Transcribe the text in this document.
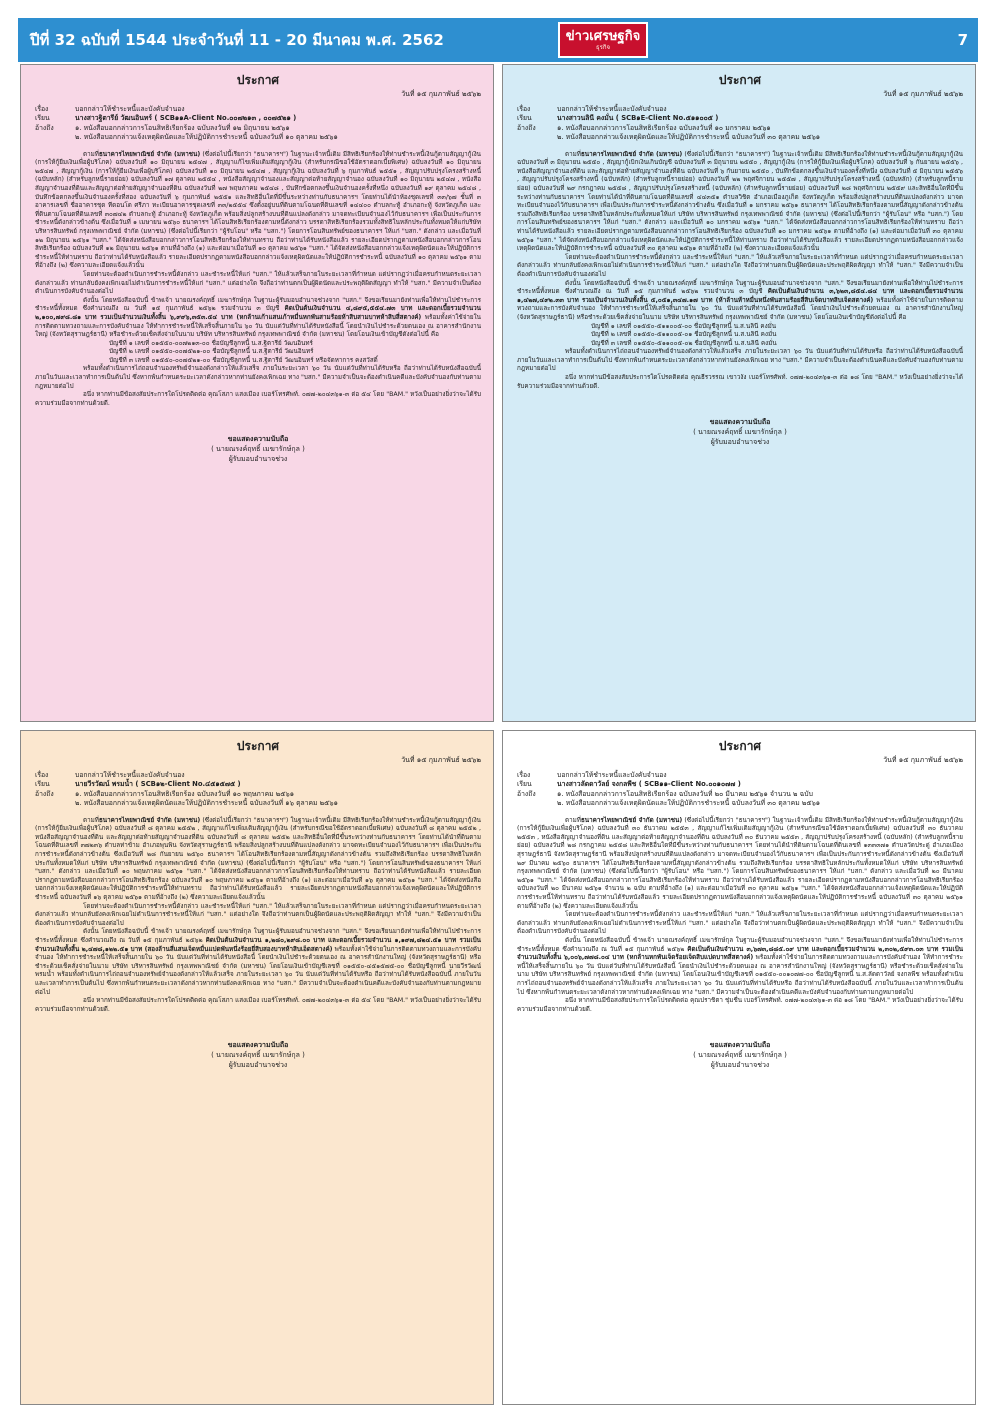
ปีที่ 32 ฉบับที่ 1544 ประจำวันที่ 11 - 20 มีนาคม พ.ศ. 2562	ข่าวเศรษฐกิจ
ธุรกิจ	7
ประกาศ
วันที่ ๑๕ กุมภาพันธ์ ๒๕๖๒
เรื่อง	บอกกล่าวให้ชำระหนี้และบังคับจำนอง
เรียน	นางสาวฐิตารีย์ วัฒนอินทร์ ( SCB๑๑A-Client No.๐๐๗๒๑๓ , ๐๐๗๕๒๑ )
อ้างถึง	๑. หนังสือบอกกล่าวการโอนสิทธิเรียกร้อง ฉบับลงวันที่ ๑๒ มิถุนายน ๒๕๖๑
๒. หนังสือบอกกล่าวแจ้งเหตุผิดนัดและให้ปฏิบัติการชำระหนี้ ฉบับลงวันที่ ๑๐ ตุลาคม ๒๕๖๑

ตามที่ธนาคารไทยพาณิชย์ จำกัด (มหาชน) (ซึ่งต่อไปนี้เรียกว่า "ธนาคารฯ") ในฐานะเจ้าหนี้เดิม มีสิทธิเรียกร้องให้ท่านชำระหนี้เงินกู้ตามสัญญากู้เงิน (การให้กู้ยืมเงินเพื่อผู้บริโภค) ฉบับลงวันที่ ๑๐ มิถุนายน ๒๕๔๗ , สัญญาแก้ไขเพิ่มเติมสัญญากู้เงิน (สำหรับกรณีขอใช้อัตราดอกเบี้ยพิเศษ) ฉบับลงวันที่ ๑๐ มิถุนายน ๒๕๔๗ , สัญญากู้เงิน (การให้กู้ยืมเงินเพื่อผู้บริโภค) ฉบับลงวันที่ ๑๐ มิถุนายน ๒๕๔๗ , สัญญากู้เงิน ฉบับลงวันที่ ๖ กุมภาพันธ์ ๒๕๕๑ , สัญญาปรับปรุงโครงสร้างหนี้ (ฉบับหลัก) (สำหรับลูกหนี้รายย่อย) ฉบับลงวันที่ ๑๗ ตุลาคม ๒๕๕๔ , หนังสือสัญญาจำนองและสัญญาต่อท้ายสัญญาจำนอง ฉบับลงวันที่ ๑๐ มิถุนายน ๒๕๔๗ , หนังสือสัญญาจำนองที่ดินและสัญญาต่อท้ายสัญญาจำนองที่ดิน ฉบับลงวันที่ ๒๗ พฤษภาคม ๒๕๔๘ , บันทึกข้อตกลงขึ้นเงินจำนองครั้งที่หนึ่ง ฉบับลงวันที่ ๑๙ ตุลาคม ๒๕๔๘ , บันทึกข้อตกลงขึ้นเงินจำนองครั้งที่สอง ฉบับลงวันที่ ๖ กุมภาพันธ์ ๒๕๕๑ และสิทธิอื่นใดที่มีขึ้นระหว่างท่านกับธนาคารฯ โดยท่านได้นำห้องชุดเลขที่ ๓๓/๖๗ ชั้นที่ ๓ อาคารเลขที่ ชื่ออาคารชุด ทีดอนโด ศรีภา ทะเบียนอาคารชุดเลขที่ ๓๓/๒๕๕๔ ซึ่งตั้งอยู่บนที่ดินตามโฉนดที่ดินเลขที่ ๑๔๔๐๐ ตำบลกะทู้ อำเภอกะทู้ จังหวัดภูเก็ต และที่ดินตามโฉนดที่ดินเลขที่ ๓๐๗๔๒ ตำบลกะทู้ อำเภอกะทู้ จังหวัดภูเก็ต พร้อมสิ่งปลูกสร้างบนที่ดินแปลงดังกล่าว มาจดทะเบียนจำนองไว้กับธนาคารฯ เพื่อเป็นประกันการชำระหนี้ดังกล่าวข้างต้น ซึ่งเมื่อวันที่ ๑ เมษายน ๒๕๖๐ ธนาคารฯ ได้โอนสิทธิเรียกร้องตามหนี้ดังกล่าว บรรดาสิทธิเรียกร้องรวมทั้งสิทธิในหลักประกันทั้งหมดให้แก่บริษัท บริหารสินทรัพย์ กรุงเทพพาณิชย์ จำกัด (มหาชน) (ซึ่งต่อไปนี้เรียกว่า "ผู้รับโอน" หรือ "บสก.") โดยการโอนสินทรัพย์ของธนาคารฯ ให้แก่ "บสก." ดังกล่าว และเมื่อวันที่ ๑๒ มิถุนายน ๒๕๖๑ "บสก." ได้จัดส่งหนังสือบอกกล่าวการโอนสิทธิเรียกร้องให้ท่านทราบ ถือว่าท่านได้รับหนังสือแล้ว รายละเอียดปรากฏตามหนังสือบอกกล่าวการโอนสิทธิเรียกร้อง ฉบับลงวันที่ ๑๒ มิถุนายน ๒๕๖๑ ตามที่อ้างถึง (๑) และต่อมาเมื่อวันที่ ๑๐ ตุลาคม ๒๕๖๑ "บสก." ได้จัดส่งหนังสือบอกกล่าวแจ้งเหตุผิดนัดและให้ปฏิบัติการชำระหนี้ให้ท่านทราบ ถือว่าท่านได้รับหนังสือแล้ว รายละเอียดปรากฏตามหนังสือบอกกล่าวแจ้งเหตุผิดนัดและให้ปฏิบัติการชำระหนี้ ฉบับลงวันที่ ๑๐ ตุลาคม ๒๕๖๑ ตามที่อ้างถึง (๒) ซึ่งความละเอียดแจ้งแล้วนั้น

โดยท่านจะต้องดำเนินการชำระหนี้ดังกล่าว และชำระหนี้ให้แก่ "บสก." ให้แล้วเสร็จภายในระยะเวลาที่กำหนด แต่ปรากฏว่าเมื่อครบกำหนดระยะเวลาดังกล่าวแล้ว ท่านกลับยังคงเพิกเฉยไม่ดำเนินการชำระหนี้ให้แก่ "บสก." แต่อย่างใด จึงถือว่าท่านตกเป็นผู้ผิดนัดและประพฤติผิดสัญญา ทำให้ "บสก." มีความจำเป็นต้องดำเนินการบังคับจำนองต่อไป

ดังนั้น โดยหนังสือฉบับนี้ ข้าพเจ้า นายณรงค์ฤทธิ์ เมฆารักษ์กุล ในฐานะผู้รับมอบอำนาจช่วงจาก "บสก." จึงขอเรียนมายังท่านเพื่อให้ท่านไปชำระการชำระหนี้ทั้งหมด ซึ่งคำนวณถึง ณ วันที่ ๑๕ กุมภาพันธ์ ๒๕๖๒ รวมจำนวน ๓ บัญชี คิดเป็นต้นเงินจำนวน ๔,๘๙๕,๕๕๔.๗๓ บาท และดอกเบี้ยรวมจำนวน ๒,๑๐๐,๗๙๘.๘๑ บาท รวมเป็นจำนวนเงินทั้งสิ้น ๖,๙๙๖,๓๕๓.๕๔ บาท (หกล้านเก้าแสนเก้าหมื่นหกพันสามร้อยห้าสิบสามบาทห้าสิบสี่สตางค์) พร้อมทั้งค่าใช้จ่ายในการติดตามทวงถามและการบังคับจำนอง ให้ทำการชำระหนี้ให้เสร็จสิ้นภายใน ๖๐ วัน นับแต่วันที่ท่านได้รับหนังสือนี้ โดยนำเงินไปชำระด้วยตนเอง ณ อาคารสำนักงานใหญ่ (จังหวัดสุราษฎร์ธานี) หรือชำระด้วยเช็คสั่งจ่ายในนาม บริษัท บริหารสินทรัพย์ กรุงเทพพาณิชย์ จำกัด (มหาชน) โดยโอนเงินเข้าบัญชีดังต่อไปนี้ คือ

บัญชีที่ ๑ เลขที่ ๐๑๕๕๐-๐๐๗๒๑๓-๐๐ ชื่อบัญชีลูกหนี้ น.ส.ฐิตารีย์ วัฒนอินทร์
บัญชีที่ ๒ เลขที่ ๐๑๕๕๐-๐๐๗๕๒๑-๐๐ ชื่อบัญชีลูกหนี้ น.ส.ฐิตารีย์ วัฒนอินทร์
บัญชีที่ ๓ เลขที่ ๐๑๕๕๐-๐๐๗๕๒๑-๐๐ ชื่อบัญชีลูกหนี้ น.ส.ฐิตารีย์ วัฒนอินทร์ หรือจัดหาการ คงสวัสดิ์

พร้อมทั้งดำเนินการไถ่ถอนจำนองทรัพย์จำนองดังกล่าวให้แล้วเสร็จ ภายในระยะเวลา ๖๐ วัน นับแต่วันที่ท่านได้รับหรือ ถือว่าท่านได้รับหนังสือฉบับนี้ ภายในวันและเวลาทำการเป็นต้นไป ซึ่งหากพ้นกำหนดระยะเวลาดังกล่าวหากท่านยังคงเพิกเฉย ทาง "บสก." มีความจำเป็นจะต้องดำเนินคดีและบังคับจำนองกับท่านตามกฎหมายต่อไป

อนึ่ง หากท่านมีข้อสงสัยประการใดโปรดติดต่อ คุณโสภา แสงเมือง เบอร์โทรศัพท์. ๐๗๗-๒๐๔๓๖๑-๓ ต่อ ๕๔ โดย "BAM." หวังเป็นอย่างยิ่งว่าจะได้รับความร่วมมือจากท่านด้วยดี.

ขอแสดงความนับถือ
( นายณรงค์ฤทธิ์ เมฆารักษ์กุล )
ผู้รับมอบอำนาจช่วง
ประกาศ
วันที่ ๑๕ กุมภาพันธ์ ๒๕๖๒
เรื่อง	บอกกล่าวให้ชำระหนี้และบังคับจำนอง
เรียน	นางสาวนลินี คงมั่น ( SCB๑E-Client No.๕๑๑๐๐๕ )
อ้างถึง	๑. หนังสือบอกกล่าวการโอนสิทธิเรียกร้อง ฉบับลงวันที่ ๑๐ มกราคม ๒๕๖๑
๒. หนังสือบอกกล่าวแจ้งเหตุผิดนัดและให้ปฏิบัติการชำระหนี้ ฉบับลงวันที่ ๓๐ ตุลาคม ๒๕๖๑

ตามที่ธนาคารไทยพาณิชย์ จำกัด (มหาชน) (ซึ่งต่อไปนี้เรียกว่า "ธนาคารฯ") ในฐานะเจ้าหนี้เดิม มีสิทธิเรียกร้องให้ท่านชำระหนี้เงินกู้ตามสัญญากู้เงิน ฉบับลงวันที่ ๓ มิถุนายน ๒๕๕๐ , สัญญากู้เบิกเงินเกินบัญชี ฉบับลงวันที่ ๓ มิถุนายน ๒๕๕๐ , สัญญากู้เงิน (การให้กู้ยืมเงินเพื่อผู้บริโภค) ฉบับลงวันที่ ๖ กันยายน ๒๕๕๖ , หนังสือสัญญาจำนองที่ดิน และสัญญาต่อท้ายสัญญาจำนองที่ดิน ฉบับลงวันที่ ๖ กันยายน ๒๕๕๐ , บันทึกข้อตกลงขึ้นเงินจำนองครั้งที่หนึ่ง ฉบับลงวันที่ ๕ มิถุนายน ๒๕๕๖ , สัญญาปรับปรุงโครงสร้างหนี้ (ฉบับหลัก) (สำหรับลูกหนี้รายย่อย) ฉบับลงวันที่ ๒๒ พฤศจิกายน ๒๕๕๗ , สัญญาปรับปรุงโครงสร้างหนี้ (ฉบับหลัก) (สำหรับลูกหนี้รายย่อย) ฉบับลงวันที่ ๒๙ กรกฎาคม ๒๕๕๘ , สัญญาปรับปรุงโครงสร้างหนี้ (ฉบับหลัก) (สำหรับลูกหนี้รายย่อย) ฉบับลงวันที่ ๒๘ พฤศจิกายน ๒๕๕๙ และสิทธิอื่นใดที่มีขึ้นระหว่างท่านกับธนาคารฯ โดยท่านได้นำที่ดินตามโฉนดที่ดินเลขที่ ๔๔๓๕๑ ตำบลวิชิต อำเภอเมืองภูเก็ต จังหวัดภูเก็ต พร้อมสิ่งปลูกสร้างบนที่ดินแปลงดังกล่าว มาจดทะเบียนจำนองไว้กับธนาคารฯ เพื่อเป็นประกันการชำระหนี้ดังกล่าวข้างต้น ซึ่งเมื่อวันที่ ๑ มกราคม ๒๕๖๑ ธนาคารฯ ได้โอนสิทธิเรียกร้องตามหนี้สัญญาดังกล่าวข้างต้น รวมถึงสิทธิเรียกร้อง บรรดาสิทธิในหลักประกันทั้งหมดให้แก่ บริษัท บริหารสินทรัพย์ กรุงเทพพาณิชย์ จำกัด (มหาชน) (ซึ่งต่อไปนี้เรียกว่า "ผู้รับโอน" หรือ "บสก.") โดยการโอนสินทรัพย์ของธนาคารฯ ให้แก่ "บสก." ดังกล่าว และเมื่อวันที่ ๑๐ มกราคม ๒๕๖๑ "บสก." ได้จัดส่งหนังสือบอกกล่าวการโอนสิทธิเรียกร้องให้ท่านทราบ ถือว่าท่านได้รับหนังสือแล้ว รายละเอียดปรากฏตามหนังสือบอกกล่าวการโอนสิทธิเรียกร้อง ฉบับลงวันที่ ๑๐ มกราคม ๒๕๖๑ ตามที่อ้างถึง (๑) และต่อมาเมื่อวันที่ ๓๐ ตุลาคม ๒๕๖๑ "บสก." ได้จัดส่งหนังสือบอกกล่าวแจ้งเหตุผิดนัดและให้ปฏิบัติการชำระหนี้ให้ท่านทราบ ถือว่าท่านได้รับหนังสือแล้ว รายละเอียดปรากฏตามหนังสือบอกกล่าวแจ้งเหตุผิดนัดและให้ปฏิบัติการชำระหนี้ ฉบับลงวันที่ ๓๐ ตุลาคม ๒๕๖๑ ตามที่อ้างถึง (๒) ซึ่งความละเอียดแจ้งแล้วนั้น

โดยท่านจะต้องดำเนินการชำระหนี้ดังกล่าว และชำระหนี้ให้แก่ "บสก." ให้แล้วเสร็จภายในระยะเวลาที่กำหนด แต่ปรากฏว่าเมื่อครบกำหนดระยะเวลาดังกล่าวแล้ว ท่านกลับยังคงเพิกเฉยไม่ดำเนินการชำระหนี้ให้แก่ "บสก." แต่อย่างใด จึงถือว่าท่านตกเป็นผู้ผิดนัดและประพฤติผิดสัญญา ทำให้ "บสก." จึงมีความจำเป็นต้องดำเนินการบังคับจำนองต่อไป

ดังนั้น โดยหนังสือฉบับนี้ ข้าพเจ้า นายณรงค์ฤทธิ์ เมฆารักษ์กุล ในฐานะผู้รับมอบอำนาจช่วงจาก "บสก." จึงขอเรียนมายังท่านเพื่อให้ท่านไปชำระการชำระหนี้ทั้งหมด ซึ่งคำนวณถึง ณ วันที่ ๑๕ กุมภาพันธ์ ๒๕๖๒ รวมจำนวน ๓ บัญชี คิดเป็นต้นเงินจำนวน ๓,๖๒๓,๘๕๔.๘๔ บาท และดอกเบี้ยรวมจำนวน ๑,๔๒๗,๔๙๒.๓๓ บาท รวมเป็นจำนวนเงินทั้งสิ้น ๕,๐๕๑,๓๔๗.๑๗ บาท (ห้าล้านห้าหมื่นหนึ่งพันสามร้อยสี่สิบเจ็ดบาทสิบเจ็ดสตางค์) พร้อมทั้งค่าใช้จ่ายในการติดตามทวงถามและการบังคับจำนอง ให้ทำการชำระหนี้ให้เสร็จสิ้นภายใน ๖๐ วัน นับแต่วันที่ท่านได้รับหนังสือนี้ โดยนำเงินไปชำระด้วยตนเอง ณ อาคารสำนักงานใหญ่ (จังหวัดสุราษฎร์ธานี) หรือชำระด้วยเช็คสั่งจ่ายในนาม บริษัท บริหารสินทรัพย์ กรุงเทพพาณิชย์ จำกัด (มหาชน) โดยโอนเงินเข้าบัญชีดังต่อไปนี้ คือ

บัญชีที่ ๑ เลขที่ ๐๑๕๕๐-๕๑๑๐๐๕-๐๐ ชื่อบัญชีลูกหนี้ น.ส.นลินี คงมั่น
บัญชีที่ ๒ เลขที่ ๐๑๕๕๐-๕๑๑๐๐๕-๐๑ ชื่อบัญชีลูกหนี้ น.ส.นลินี คงมั่น
บัญชีที่ ๓ เลขที่ ๐๑๕๕๐-๕๑๑๐๐๕-๐๒ ชื่อบัญชีลูกหนี้ น.ส.นลินี คงมั่น

พร้อมทั้งดำเนินการไถ่ถอนจำนองทรัพย์จำนองดังกล่าวให้แล้วเสร็จ ภายในระยะเวลา ๖๐ วัน นับแต่วันที่ท่านได้รับหรือ ถือว่าท่านได้รับหนังสือฉบับนี้ ภายในวันและเวลาทำการเป็นต้นไป ซึ่งหากพ้นกำหนดระยะเวลาดังกล่าวหากท่านยังคงเพิกเฉย ทาง "บสก." มีความจำเป็นจะต้องดำเนินคดีและบังคับจำนองกับท่านตามกฎหมายต่อไป

อนึ่ง หากท่านมีข้อสงสัยประการใดโปรดติดต่อ คุณธีรวรรณ เขาวงัง เบอร์โทรศัพท์. ๐๗๗-๒๐๔๓๖๑-๓ ต่อ ๑๘ โดย "BAM." หวังเป็นอย่างยิ่งว่าจะได้รับความร่วมมือจากท่านด้วยดี.

ขอแสดงความนับถือ
( นายณรงค์ฤทธิ์ เมฆารักษ์กุล )
ผู้รับมอบอำนาจช่วง
ประกาศ
วันที่ ๑๕ กุมภาพันธ์ ๒๕๖๒
เรื่อง	บอกกล่าวให้ชำระหนี้และบังคับจำนอง
เรียน	นายวีรวัฒน์ พรมน้ำ ( SCB๑๒-Client No.๔๕๑๕๗๕ )
อ้างถึง	๑. หนังสือบอกกล่าวการโอนสิทธิเรียกร้อง ฉบับลงวันที่ ๑๐ พฤษภาคม ๒๕๖๑
๒. หนังสือบอกกล่าวแจ้งเหตุผิดนัดและให้ปฏิบัติการชำระหนี้ ฉบับลงวันที่ ๑๖ ตุลาคม ๒๕๖๑

ตามที่ธนาคารไทยพาณิชย์ จำกัด (มหาชน) (ซึ่งต่อไปนี้เรียกว่า "ธนาคารฯ") ในฐานะเจ้าหนี้เดิม มีสิทธิเรียกร้องให้ท่านชำระหนี้เงินกู้ตามสัญญากู้เงิน (การให้กู้ยืมเงินเพื่อผู้บริโภค) ฉบับลงวันที่ ๘ ตุลาคม ๒๕๕๒ , สัญญาแก้ไขเพิ่มเติมสัญญากู้เงิน (สำหรับกรณีขอใช้อัตราดอกเบี้ยพิเศษ) ฉบับลงวันที่ ๘ ตุลาคม ๒๕๕๒ , หนังสือสัญญาจำนองที่ดิน และสัญญาต่อท้ายสัญญาจำนองที่ดิน ฉบับลงวันที่ ๘ ตุลาคม ๒๕๕๒ และสิทธิอื่นใดที่มีขึ้นระหว่างท่านกับธนาคารฯ โดยท่านได้นำที่ดินตามโฉนดที่ดินเลขที่ ๓๗๒๓๖ ตำบลท่าข้าม อำเภอพุนพิน จังหวัดสุราษฎร์ธานี พร้อมสิ่งปลูกสร้างบนที่ดินแปลงดังกล่าว มาจดทะเบียนจำนองไว้กับธนาคารฯ เพื่อเป็นประกันการชำระหนี้ดังกล่าวข้างต้น ซึ่งเมื่อวันที่ ๒๘ กันยายน ๒๕๖๐ ธนาคารฯ ได้โอนสิทธิเรียกร้องตามหนี้สัญญาดังกล่าวข้างต้น รวมถึงสิทธิเรียกร้อง บรรดาสิทธิในหลักประกันทั้งหมดให้แก่ บริษัท บริหารสินทรัพย์ กรุงเทพพาณิชย์ จำกัด (มหาชน) (ซึ่งต่อไปนี้เรียกว่า "ผู้รับโอน" หรือ "บสก.") โดยการโอนสินทรัพย์ของธนาคารฯ ให้แก่ "บสก." ดังกล่าว และเมื่อวันที่ ๑๐ พฤษภาคม ๒๕๖๑ "บสก." ได้จัดส่งหนังสือบอกกล่าวการโอนสิทธิเรียกร้องให้ท่านทราบ ถือว่าท่านได้รับหนังสือแล้ว รายละเอียดปรากฏตามหนังสือบอกกล่าวการโอนสิทธิเรียกร้อง ฉบับลงวันที่ ๑๐ พฤษภาคม ๒๕๖๑ ตามที่อ้างถึง (๑) และต่อมาเมื่อวันที่ ๑๖ ตุลาคม ๒๕๖๑ "บสก." ได้จัดส่งหนังสือบอกกล่าวแจ้งเหตุผิดนัดและให้ปฏิบัติการชำระหนี้ให้ท่านทราบ ถือว่าท่านได้รับหนังสือแล้ว รายละเอียดปรากฏตามหนังสือบอกกล่าวแจ้งเหตุผิดนัดและให้ปฏิบัติการชำระหนี้ ฉบับลงวันที่ ๑๖ ตุลาคม ๒๕๖๑ ตามที่อ้างถึง (๒) ซึ่งความละเอียดแจ้งแล้วนั้น

โดยท่านจะต้องดำเนินการชำระหนี้ดังกล่าว และชำระหนี้ให้แก่ "บสก." ให้แล้วเสร็จภายในระยะเวลาที่กำหนด แต่ปรากฏว่าเมื่อครบกำหนดระยะเวลาดังกล่าวแล้ว ท่านกลับยังคงเพิกเฉยไม่ดำเนินการชำระหนี้ให้แก่ "บสก." แต่อย่างใด จึงถือว่าท่านตกเป็นผู้ผิดนัดและประพฤติผิดสัญญา ทำให้ "บสก." จึงมีความจำเป็นต้องดำเนินการบังคับจำนองต่อไป

ดังนั้น โดยหนังสือฉบับนี้ ข้าพเจ้า นายณรงค์ฤทธิ์ เมฆารักษ์กุล ในฐานะผู้รับมอบอำนาจช่วงจาก "บสก." จึงขอเรียนมายังท่านเพื่อให้ท่านไปชำระการชำระหนี้ทั้งหมด ซึ่งคำนวณถึง ณ วันที่ ๑๕ กุมภาพันธ์ ๒๕๖๒ คิดเป็นต้นเงินจำนวน ๑,๒๘๐,๒๙๘.๐๐ บาท และดอกเบี้ยรวมจำนวน ๑,๑๙๗,๘๒๔.๕๑ บาท รวมเป็นจำนวนเงินทั้งสิ้น ๒,๔๗๘,๑๒๒.๕๑ บาท (สองล้านสี่แสนเจ็ดหมื่นแปดพันหนึ่งร้อยยี่สิบสองบาทห้าสิบเอ็ดสตางค์) พร้อมทั้งค่าใช้จ่ายในการติดตามทวงถามและการบังคับจำนอง ให้ทำการชำระหนี้ให้เสร็จสิ้นภายใน ๖๐ วัน นับแต่วันที่ท่านได้รับหนังสือนี้ โดยนำเงินไปชำระด้วยตนเอง ณ อาคารสำนักงานใหญ่ (จังหวัดสุราษฎร์ธานี) หรือชำระด้วยเช็คสั่งจ่ายในนาม บริษัท บริหารสินทรัพย์ กรุงเทพพาณิชย์ จำกัด (มหาชน) โดยโอนเงินเข้าบัญชีเลขที่ ๐๑๕๕๐-๔๕๑๕๗๕-๐๐ ชื่อบัญชีลูกหนี้ นายวีรวัฒน์ พรมน้ำ พร้อมทั้งดำเนินการไถ่ถอนจำนองทรัพย์จำนองดังกล่าวให้แล้วเสร็จ ภายในระยะเวลา ๖๐ วัน นับแต่วันที่ท่านได้รับหรือ ถือว่าท่านได้รับหนังสือฉบับนี้ ภายในวันและเวลาทำการเป็นต้นไป ซึ่งหากพ้นกำหนดระยะเวลาดังกล่าวหากท่านยังคงเพิกเฉย ทาง "บสก." มีความจำเป็นจะต้องดำเนินคดีและบังคับจำนองกับท่านตามกฎหมายต่อไป

อนึ่ง หากท่านมีข้อสงสัยประการใดโปรดติดต่อ คุณโสภา แสงเมือง เบอร์โทรศัพท์. ๐๗๗-๒๐๔๓๖๑-๓ ต่อ ๕๔ โดย "BAM." หวังเป็นอย่างยิ่งว่าจะได้รับความร่วมมือจากท่านด้วยดี.

ขอแสดงความนับถือ
( นายณรงค์ฤทธิ์ เมฆารักษ์กุล )
ผู้รับมอบอำนาจช่วง
ประกาศ
วันที่ ๑๕ กุมภาพันธ์ ๒๕๖๒
เรื่อง	บอกกล่าวให้ชำระหนี้และบังคับจำนอง
เรียน	นางสาวลัดดาวัลย์ จงกลพีช ( SCB๑๑-Client No.๐๐๑๐๗๗ )
อ้างถึง	๑. หนังสือบอกกล่าวการโอนสิทธิเรียกร้อง ฉบับลงวันที่ ๒๐ มีนาคม ๒๕๖๑ จำนวน ๒ ฉบับ
๒. หนังสือบอกกล่าวแจ้งเหตุผิดนัดและให้ปฏิบัติการชำระหนี้ ฉบับลงวันที่ ๓๐ ตุลาคม ๒๕๖๑

ตามที่ธนาคารไทยพาณิชย์ จำกัด (มหาชน) (ซึ่งต่อไปนี้เรียกว่า "ธนาคารฯ") ในฐานะเจ้าหนี้เดิม มีสิทธิเรียกร้องให้ท่านชำระหนี้เงินกู้ตามสัญญากู้เงิน (การให้กู้ยืมเงินเพื่อผู้บริโภค) ฉบับลงวันที่ ๓๐ ธันวาคม ๒๕๕๓ , สัญญาแก้ไขเพิ่มเติมสัญญากู้เงิน (สำหรับกรณีขอใช้อัตราดอกเบี้ยพิเศษ) ฉบับลงวันที่ ๓๐ ธันวาคม ๒๕๕๓ , หนังสือสัญญาจำนองที่ดิน และสัญญาต่อท้ายสัญญาจำนองที่ดิน ฉบับลงวันที่ ๓๐ ธันวาคม ๒๕๕๓ , สัญญาปรับปรุงโครงสร้างหนี้ (ฉบับหลัก) (สำหรับลูกหนี้รายย่อย) ฉบับลงวันที่ ๒๘ กรกฎาคม ๒๕๕๘ และสิทธิอื่นใดที่มีขึ้นระหว่างท่านกับธนาคารฯ โดยท่านได้นำที่ดินตามโฉนดที่ดินเลขที่ ๑๓๓๓๗๑ ตำบลวัดประดู่ อำเภอเมืองสุราษฎร์ธานี จังหวัดสุราษฎร์ธานี พร้อมสิ่งปลูกสร้างบนที่ดินแปลงดังกล่าว มาจดทะเบียนจำนองไว้กับธนาคารฯ เพื่อเป็นประกันการชำระหนี้ดังกล่าวข้างต้น ซึ่งเมื่อวันที่ ๒๙ มีนาคม ๒๕๖๐ ธนาคารฯ ได้โอนสิทธิเรียกร้องตามหนี้สัญญาดังกล่าวข้างต้น รวมถึงสิทธิเรียกร้อง บรรดาสิทธิในหลักประกันทั้งหมดให้แก่ บริษัท บริหารสินทรัพย์ กรุงเทพพาณิชย์ จำกัด (มหาชน) (ซึ่งต่อไปนี้เรียกว่า "ผู้รับโอน" หรือ "บสก.") โดยการโอนสินทรัพย์ของธนาคารฯ ให้แก่ "บสก." ดังกล่าว และเมื่อวันที่ ๒๐ มีนาคม ๒๕๖๑ "บสก." ได้จัดส่งหนังสือบอกกล่าวการโอนสิทธิเรียกร้องให้ท่านทราบ ถือว่าท่านได้รับหนังสือแล้ว รายละเอียดปรากฏตามหนังสือบอกกล่าวการโอนสิทธิเรียกร้อง ฉบับลงวันที่ ๒๐ มีนาคม ๒๕๖๑ จำนวน ๒ ฉบับ ตามที่อ้างถึง (๑) และต่อมาเมื่อวันที่ ๓๐ ตุลาคม ๒๕๖๑ "บสก." ได้จัดส่งหนังสือบอกกล่าวแจ้งเหตุผิดนัดและให้ปฏิบัติการชำระหนี้ให้ท่านทราบ ถือว่าท่านได้รับหนังสือแล้ว รายละเอียดปรากฏตามหนังสือบอกกล่าวแจ้งเหตุผิดนัดและให้ปฏิบัติการชำระหนี้ ฉบับลงวันที่ ๓๐ ตุลาคม ๒๕๖๑ ตามที่อ้างถึง (๒) ซึ่งความละเอียดแจ้งแล้วนั้น

โดยท่านจะต้องดำเนินการชำระหนี้ดังกล่าว และชำระหนี้ให้แก่ "บสก." ให้แล้วเสร็จภายในระยะเวลาที่กำหนด แต่ปรากฏว่าเมื่อครบกำหนดระยะเวลาดังกล่าวแล้ว ท่านกลับยังคงเพิกเฉยไม่ดำเนินการชำระหนี้ให้แก่ "บสก." แต่อย่างใด จึงถือว่าท่านตกเป็นผู้ผิดนัดและประพฤติผิดสัญญา ทำให้ "บสก." จึงมีความจำเป็นต้องดำเนินการบังคับจำนองต่อไป

ดังนั้น โดยหนังสือฉบับนี้ ข้าพเจ้า นายณรงค์ฤทธิ์ เมฆารักษ์กุล ในฐานะผู้รับมอบอำนาจช่วงจาก "บสก." จึงขอเรียนมายังท่านเพื่อให้ท่านไปชำระการชำระหนี้ทั้งหมด ซึ่งคำนวณถึง ณ วันที่ ๑๕ กุมภาพันธ์ ๒๕๖๒ คิดเป็นต้นเงินจำนวน ๓,๖๗๓,๘๘๕.๐๙ บาท และดอกเบี้ยรวมจำนวน ๒,๓๐๒,๕๙๓.๐๓ บาท รวมเป็นจำนวนเงินทั้งสิ้น ๖,๐๐๖,๗๗๘.๐๔ บาท (หกล้านหกพันเจ็ดร้อยเจ็ดสิบแปดบาทสี่สตางค์) พร้อมทั้งค่าใช้จ่ายในการติดตามทวงถามและการบังคับจำนอง ให้ทำการชำระหนี้ให้เสร็จสิ้นภายใน ๖๐ วัน นับแต่วันที่ท่านได้รับหนังสือนี้ โดยนำเงินไปชำระด้วยตนเอง ณ อาคารสำนักงานใหญ่ (จังหวัดสุราษฎร์ธานี) หรือชำระด้วยเช็คสั่งจ่ายในนาม บริษัท บริหารสินทรัพย์ กรุงเทพพาณิชย์ จำกัด (มหาชน) โดยโอนเงินเข้าบัญชีเลขที่ ๐๑๕๕๐-๐๐๑๐๗๗-๐๐ ชื่อบัญชีลูกหนี้ น.ส.ลัดดาวัลย์ จงกลพีช พร้อมทั้งดำเนินการไถ่ถอนจำนองทรัพย์จำนองดังกล่าวให้แล้วเสร็จ ภายในระยะเวลา ๖๐ วัน นับแต่วันที่ท่านได้รับหรือ ถือว่าท่านได้รับหนังสือฉบับนี้ ภายในวันและเวลาทำการเป็นต้นไป ซึ่งหากพ้นกำหนดระยะเวลาดังกล่าวหากท่านยังคงเพิกเฉย ทาง "บสก." มีความจำเป็นจะต้องดำเนินคดีและบังคับจำนองกับท่านตามกฎหมายต่อไป

อนึ่ง หากท่านมีข้อสงสัยประการใดโปรดติดต่อ คุณปราชิตา ชุ่มชื่น เบอร์โทรศัพท์. ๐๗๗-๒๐๔๓๖๑-๓ ต่อ ๑๘ โดย "BAM." หวังเป็นอย่างยิ่งว่าจะได้รับความร่วมมือจากท่านด้วยดี.

ขอแสดงความนับถือ
( นายณรงค์ฤทธิ์ เมฆารักษ์กุล )
ผู้รับมอบอำนาจช่วง
